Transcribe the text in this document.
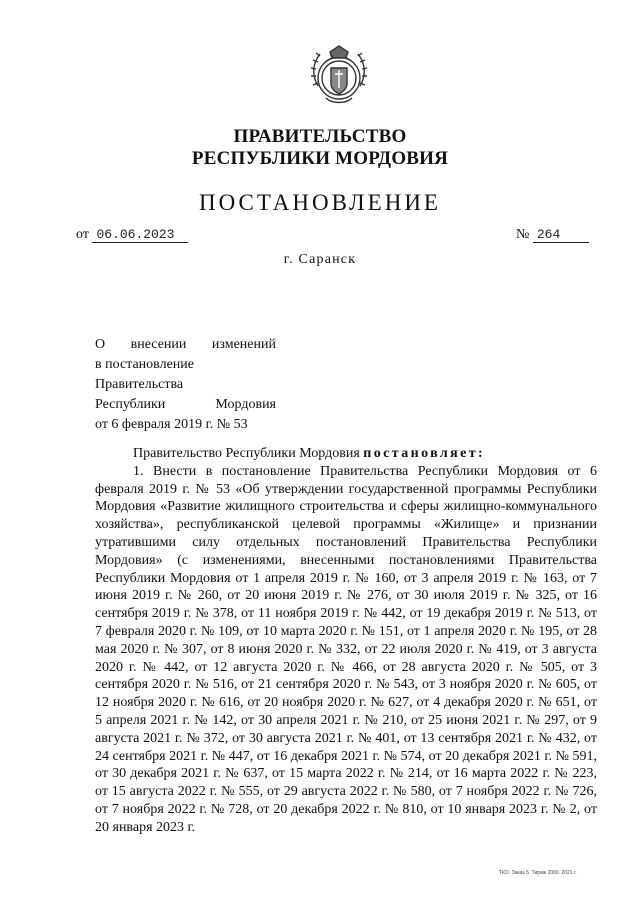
ПРАВИТЕЛЬСТВО
РЕСПУБЛИКИ МОРДОВИЯ
ПОСТАНОВЛЕНИЕ
от 06.06.2023	№ 264
г. Саранск
О внесении изменений
в постановление Правительства
Республики Мордовия
от 6 февраля 2019 г. № 53
Правительство Республики Мордовия постановляет:
1. Внести в постановление Правительства Республики Мордовия от 6 февраля 2019 г. № 53 «Об утверждении государственной программы Республики Мордовия «Развитие жилищного строительства и сферы жилищно-коммунального хозяйства», республиканской целевой программы «Жилище» и признании утратившими силу отдельных постановлений Правительства Республики Мордовия» (с изменениями, внесенными постановлениями Правительства Республики Мордовия от 1 апреля 2019 г. № 160, от 3 апреля 2019 г. № 163, от 7 июня 2019 г. № 260, от 20 июня 2019 г. № 276, от 30 июля 2019 г. № 325, от 16 сентября 2019 г. № 378, от 11 ноября 2019 г. № 442, от 19 декабря 2019 г. № 513, от 7 февраля 2020 г. № 109, от 10 марта 2020 г. № 151, от 1 апреля 2020 г. № 195, от 28 мая 2020 г. № 307, от 8 июня 2020 г. № 332, от 22 июля 2020 г. № 419, от 3 августа 2020 г. № 442, от 12 августа 2020 г. № 466, от 28 августа 2020 г. № 505, от 3 сентября 2020 г. № 516, от 21 сентября 2020 г. № 543, от 3 ноября 2020 г. № 605, от 12 ноября 2020 г. № 616, от 20 ноября 2020 г. № 627, от 4 декабря 2020 г. № 651, от 5 апреля 2021 г. № 142, от 30 апреля 2021 г. № 210, от 25 июня 2021 г. № 297, от 9 августа 2021 г. № 372, от 30 августа 2021 г. № 401, от 13 сентября 2021 г. № 432, от 24 сентября 2021 г. № 447, от 16 декабря 2021 г. № 574, от 20 декабря 2021 г. № 591, от 30 декабря 2021 г. № 637, от 15 марта 2022 г. № 214, от 16 марта 2022 г. № 223, от 15 августа 2022 г. № 555, от 29 августа 2022 г. № 580, от 7 ноября 2022 г. № 726, от 7 ноября 2022 г. № 728, от 20 декабря 2022 г. № 810, от 10 января 2023 г. № 2, от 20 января 2023 г.
ТКО. Заказ 5. Тираж 2000. 2021 г.
